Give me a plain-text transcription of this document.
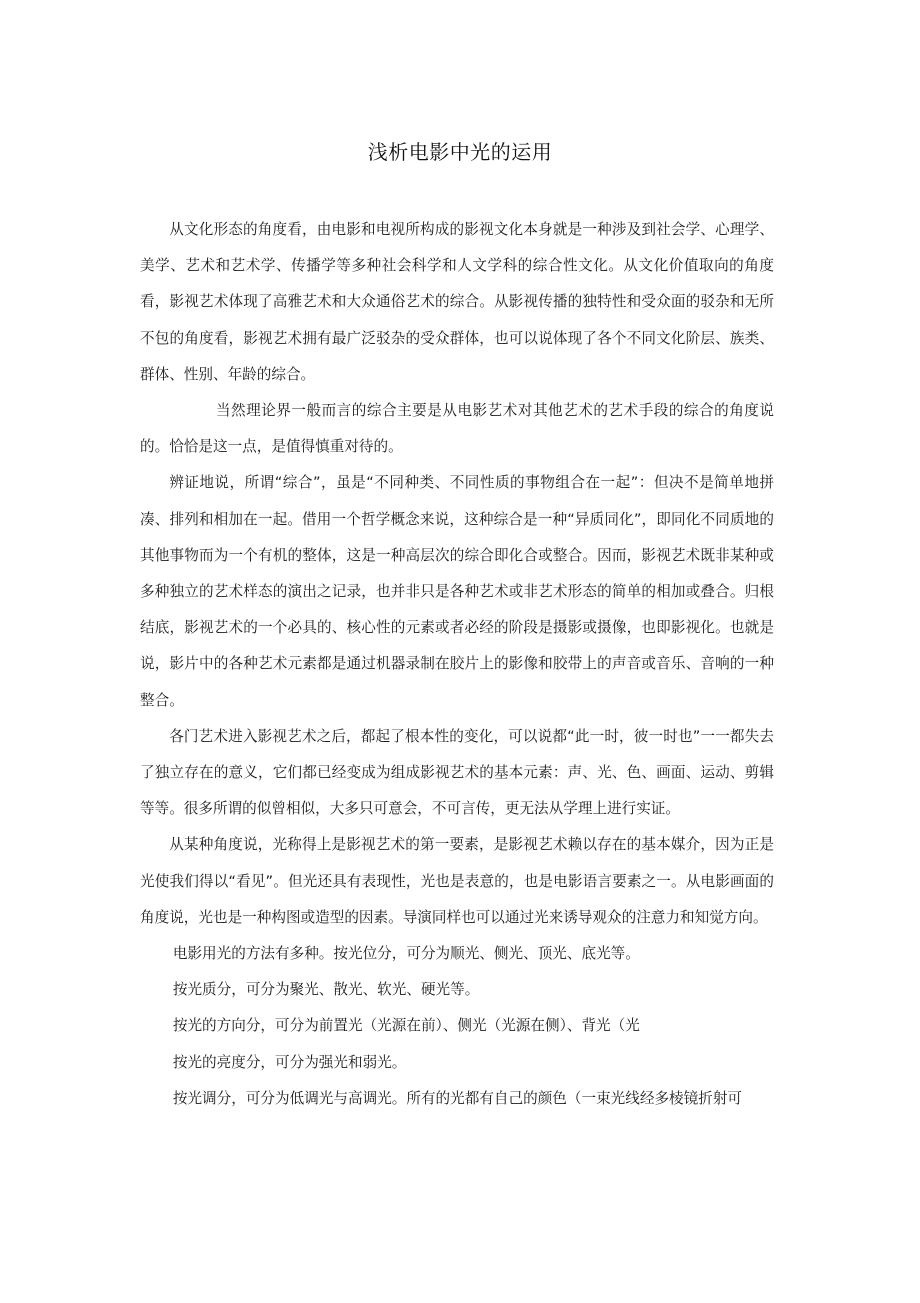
浅析电影中光的运用

从文化形态的角度看，由电影和电视所构成的影视文化本身就是一种涉及到社会学、心理学、美学、艺术和艺术学、传播学等多种社会科学和人文学科的综合性文化。从文化价值取向的角度看，影视艺术体现了高雅艺术和大众通俗艺术的综合。从影视传播的独特性和受众面的驳杂和无所不包的角度看，影视艺术拥有最广泛驳杂的受众群体，也可以说体现了各个不同文化阶层、族类、群体、性别、年龄的综合。

当然理论界一般而言的综合主要是从电影艺术对其他艺术的艺术手段的综合的角度说的。恰恰是这一点，是值得慎重对待的。

辨证地说，所谓“综合”，虽是“不同种类、不同性质的事物组合在一起”：但决不是简单地拼凑、排列和相加在一起。借用一个哲学概念来说，这种综合是一种“异质同化”，即同化不同质地的其他事物而为一个有机的整体，这是一种高层次的综合即化合或整合。因而，影视艺术既非某种或多种独立的艺术样态的演出之记录，也并非只是各种艺术或非艺术形态的简单的相加或叠合。归根结底，影视艺术的一个必具的、核心性的元素或者必经的阶段是摄影或摄像，也即影视化。也就是说，影片中的各种艺术元素都是通过机器录制在胶片上的影像和胶带上的声音或音乐、音响的一种整合。

各门艺术进入影视艺术之后，都起了根本性的变化，可以说都“此一时，彼一时也”一一都失去了独立存在的意义，它们都已经变成为组成影视艺术的基本元素：声、光、色、画面、运动、剪辑等等。很多所谓的似曾相似，大多只可意会，不可言传，更无法从学理上进行实证。

从某种角度说，光称得上是影视艺术的第一要素，是影视艺术赖以存在的基本媒介，因为正是光使我们得以“看见”。但光还具有表现性，光也是表意的，也是电影语言要素之一。从电影画面的角度说，光也是一种构图或造型的因素。导演同样也可以通过光来诱导观众的注意力和知觉方向。

电影用光的方法有多种。按光位分，可分为顺光、侧光、顶光、底光等。

按光质分，可分为聚光、散光、软光、硬光等。

按光的方向分，可分为前置光（光源在前）、侧光（光源在侧）、背光（光

按光的亮度分，可分为强光和弱光。

按光调分，可分为低调光与高调光。所有的光都有自己的颜色（一束光线经多棱镜折射可
